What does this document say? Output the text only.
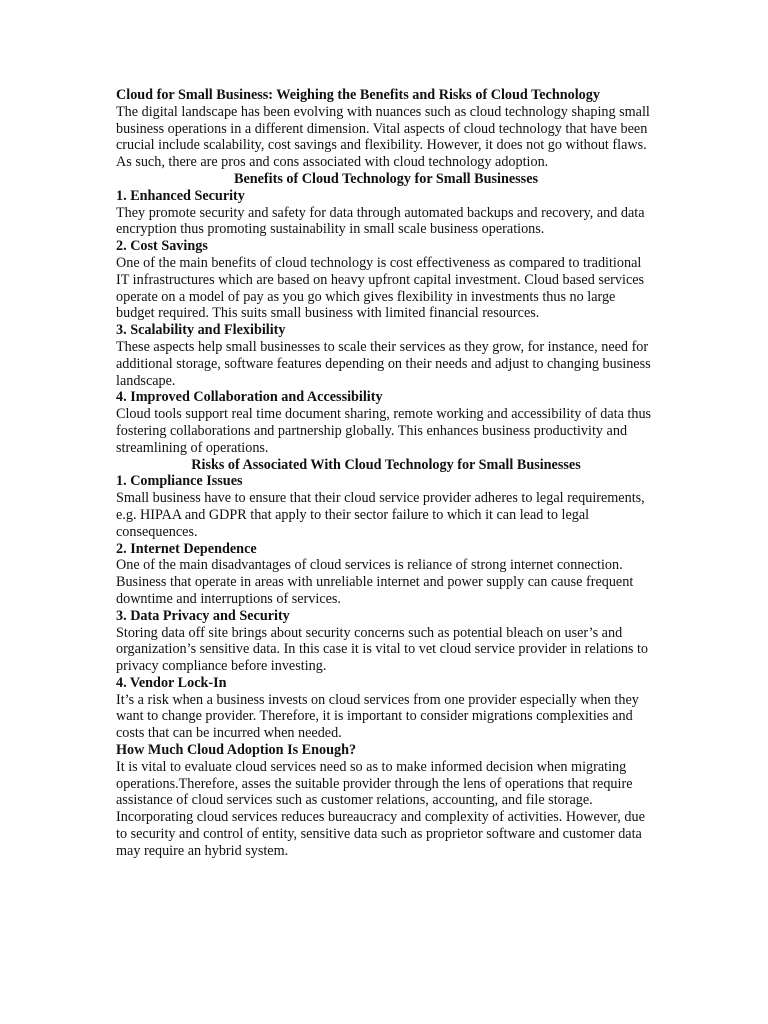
Cloud for Small Business: Weighing the Benefits and Risks of Cloud Technology

The digital landscape has been evolving with nuances such as cloud technology shaping small business operations in a different dimension. Vital aspects of cloud technology that have been crucial include scalability, cost savings and flexibility. However, it does not go without flaws. As such, there are pros and cons associated with cloud technology adoption.

Benefits of Cloud Technology for Small Businesses

1. Enhanced Security

They promote security and safety for data through automated backups and recovery, and data encryption thus promoting sustainability in small scale business operations.

2. Cost Savings

One of the main benefits of cloud technology is cost effectiveness as compared to traditional IT infrastructures which are based on heavy upfront capital investment. Cloud based services operate on a model of pay as you go which gives flexibility in investments thus no large budget required. This suits small business with limited financial resources.

3. Scalability and Flexibility

These aspects help small businesses to scale their services as they grow, for instance, need for additional storage, software features depending on their needs and adjust to changing business landscape.

4. Improved Collaboration and Accessibility

Cloud tools support real time document sharing, remote working and accessibility of data thus fostering collaborations and partnership globally. This enhances business productivity and streamlining of operations.

Risks of Associated With Cloud Technology for Small Businesses

1. Compliance Issues

Small business have to ensure that their cloud service provider adheres to legal requirements, e.g. HIPAA and GDPR that apply to their sector failure to which it can lead to legal consequences.

2. Internet Dependence

One of the main disadvantages of cloud services is reliance of strong internet connection. Business that operate in areas with unreliable internet and power supply can cause frequent downtime and interruptions of services.

3. Data Privacy and Security

Storing data off site brings about security concerns such as potential bleach on user’s and organization’s sensitive data. In this case it is vital to vet cloud service provider in relations to privacy compliance before investing.

4. Vendor Lock-In

It’s a risk when a business invests on cloud services from one provider especially when they want to change provider. Therefore, it is important to consider migrations complexities and costs that can be incurred when needed.

How Much Cloud Adoption Is Enough?

It is vital to evaluate cloud services need so as to make informed decision when migrating operations.Therefore, asses the suitable provider through the lens of operations that require assistance of cloud services such as customer relations, accounting, and file storage. Incorporating cloud services reduces bureaucracy and complexity of activities. However, due to security and control of entity, sensitive data such as proprietor software and customer data may require an hybrid system.
